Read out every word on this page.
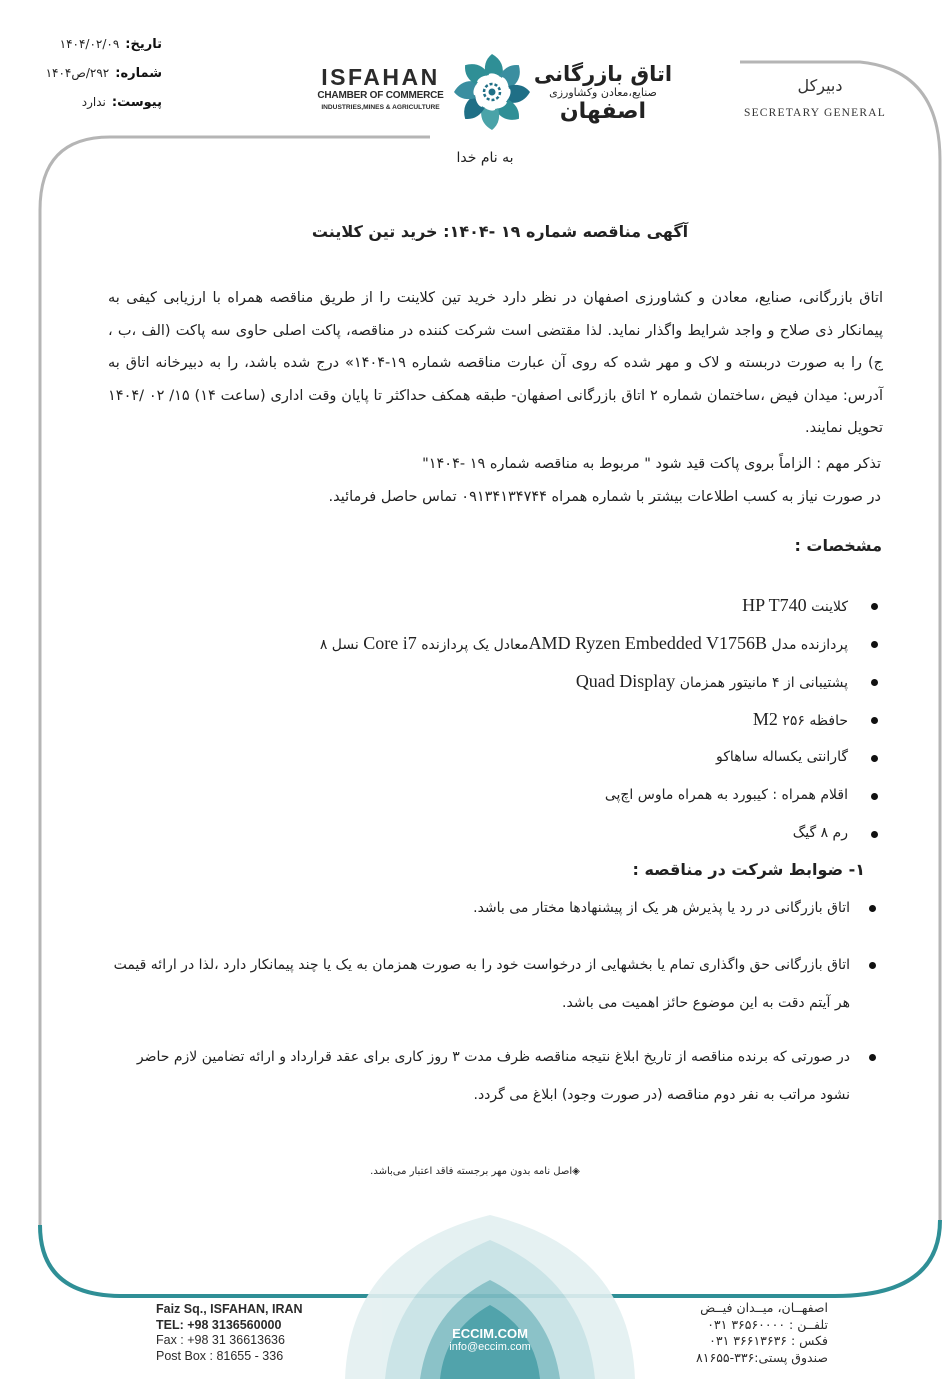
تاریخ:۱۴۰۴/۰۲/۰۹
شماره:۲۹۲/ص۱۴۰۴
پیوست:ندارد
ISFAHAN
CHAMBER OF COMMERCE
INDUSTRIES,MINES & AGRICULTURE
اتاق بازرگانی
صنایع،معادن وکشاورزی
اصفهان
دبیرکل
SECRETARY GENERAL
به نام خدا
آگهی مناقصه شماره ۱۹ -۱۴۰۴: خرید تین کلاینت

اتاق بازرگانی، صنایع، معادن و کشاورزی اصفهان در نظر دارد خرید تین کلاینت را از طریق مناقصه همراه با ارزیابی کیفی به پیمانکار ذی صلاح و واجد شرایط واگذار نماید. لذا مقتضی است شرکت کننده در مناقصه، پاکت اصلی حاوی سه پاکت (الف ،ب ، ج) را به صورت دربسته و لاک و مهر شده که روی آن عبارت مناقصه شماره ۱۹-۱۴۰۴» درج شده باشد، را به دبیرخانه اتاق به آدرس: میدان فیض ،ساختمان شماره ۲ اتاق بازرگانی اصفهان- طبقه همکف حداکثر تا پایان وقت اداری (ساعت ۱۴) ۱۵/ ۰۲ /۱۴۰۴ تحویل نمایند.

تذکر مهم : الزاماً بروی پاکت قید شود " مربوط به مناقصه شماره ۱۹ -۱۴۰۴"

در صورت نیاز به کسب اطلاعات بیشتر با شماره همراه ۰۹۱۳۴۱۳۴۷۴۴ تماس حاصل فرمائید.

مشخصات :
کلاینت HP T740
پردازنده مدل AMD Ryzen Embedded V1756Bمعادل یک پردازنده Core i7 نسل ۸
پشتیبانی از ۴ مانیتور همزمان Quad Display
حافظه ۲۵۶ M2
گارانتی یکساله ساهاکو
اقلام همراه : کیبورد به همراه ماوس اچ‌پی
رم ۸ گیگ
۱- ضوابط شرکت در مناقصه :
اتاق بازرگانی در رد یا پذیرش هر یک از پیشنهادها مختار می باشد.
اتاق بازرگانی حق واگذاری تمام یا بخشهایی از درخواست خود را به صورت همزمان به یک یا چند پیمانکار دارد ،لذا در ارائه قیمت هر آیتم دقت به این موضوع حائز اهمیت می باشد.
در صورتی که برنده مناقصه از تاریخ ابلاغ نتیجه مناقصه ظرف مدت ۳ روز کاری برای عقد قرارداد و ارائه تضامین لازم حاضر نشود مراتب به نفر دوم مناقصه (در صورت وجود) ابلاغ می گردد.
◈اصل نامه بدون مهر برجسته فاقد اعتبار می‌باشد.
Faiz Sq., ISFAHAN, IRAN
TEL: +98 3136560000
Fax : +98 31 36613636
Post Box : 81655 - 336
ECCIM.COM
info@eccim.com
اصفهــان، میــدان فیــض
تلفــن : ۳۶۵۶۰۰۰۰ ۰۳۱
فکس : ۳۶۶۱۳۶۳۶ ۰۳۱
صندوق پستی:۳۳۶-۸۱۶۵۵
